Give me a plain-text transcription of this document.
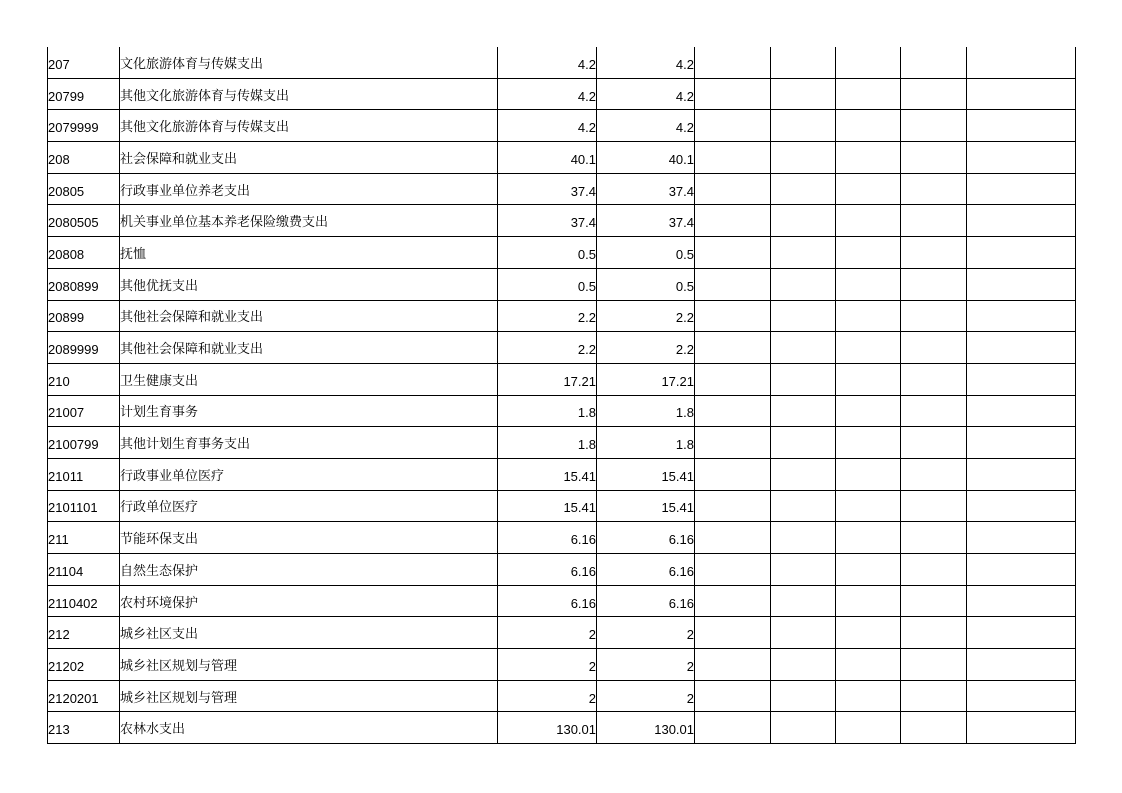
207	文化旅游体育与传媒支出	4.2	4.2					
20799	其他文化旅游体育与传媒支出	4.2	4.2					
2079999	其他文化旅游体育与传媒支出	4.2	4.2					
208	社会保障和就业支出	40.1	40.1					
20805	行政事业单位养老支出	37.4	37.4					
2080505	机关事业单位基本养老保险缴费支出	37.4	37.4					
20808	抚恤	0.5	0.5					
2080899	其他优抚支出	0.5	0.5					
20899	其他社会保障和就业支出	2.2	2.2					
2089999	其他社会保障和就业支出	2.2	2.2					
210	卫生健康支出	17.21	17.21					
21007	计划生育事务	1.8	1.8					
2100799	其他计划生育事务支出	1.8	1.8					
21011	行政事业单位医疗	15.41	15.41					
2101101	行政单位医疗	15.41	15.41					
211	节能环保支出	6.16	6.16					
21104	自然生态保护	6.16	6.16					
2110402	农村环境保护	6.16	6.16					
212	城乡社区支出	2	2					
21202	城乡社区规划与管理	2	2					
2120201	城乡社区规划与管理	2	2					
213	农林水支出	130.01	130.01					
